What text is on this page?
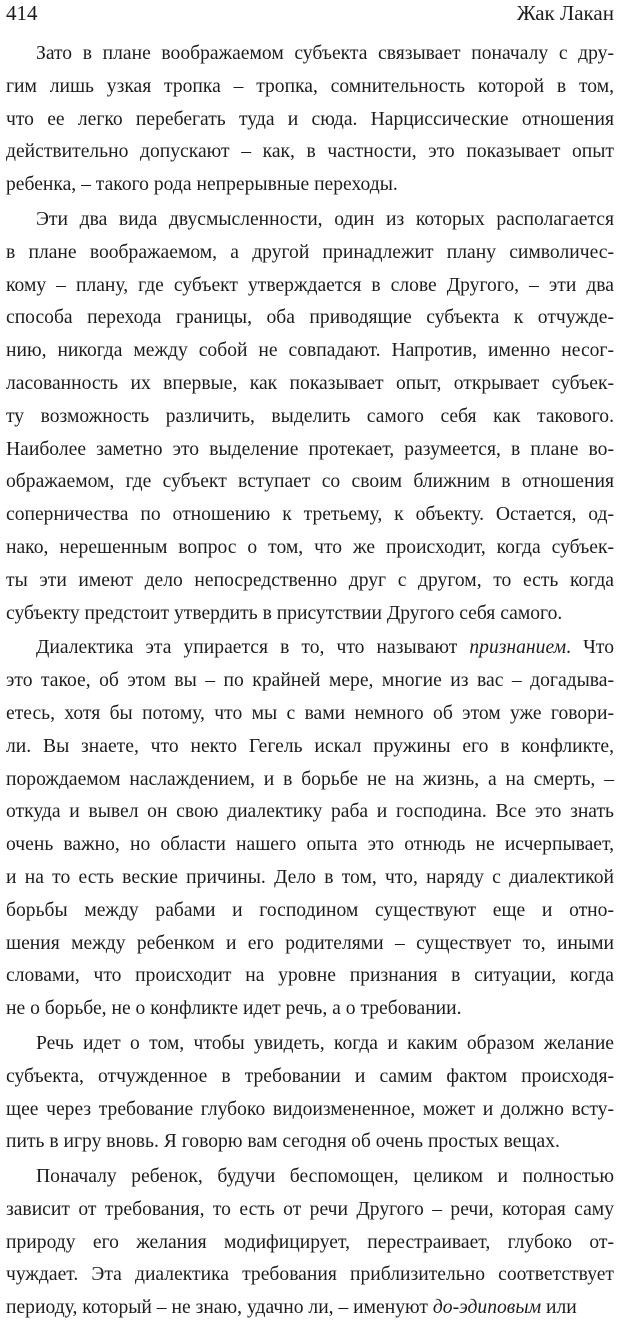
414	Жак Лакан
Зато в плане воображаемом субъекта связывает поначалу с дру-
гим лишь узкая тропка – тропка, сомнительность которой в том,
что ее легко перебегать туда и сюда. Нарциссические отношения
действительно допускают – как, в частности, это показывает опыт
ребенка, – такого рода непрерывные переходы.
Эти два вида двусмысленности, один из которых располагается
в плане воображаемом, а другой принадлежит плану символичес-
кому – плану, где субъект утверждается в слове Другого, – эти два
способа перехода границы, оба приводящие субъекта к отчужде-
нию, никогда между собой не совпадают. Напротив, именно несог-
ласованность их впервые, как показывает опыт, открывает субъек-
ту возможность различить, выделить самого себя как такового.
Наиболее заметно это выделение протекает, разумеется, в плане во-
ображаемом, где субъект вступает со своим ближним в отношения
соперничества по отношению к третьему, к объекту. Остается, од-
нако, нерешенным вопрос о том, что же происходит, когда субъек-
ты эти имеют дело непосредственно друг с другом, то есть когда
субъекту предстоит утвердить в присутствии Другого себя самого.
Диалектика эта упирается в то, что называют признанием. Что
это такое, об этом вы – по крайней мере, многие из вас – догадыва-
етесь, хотя бы потому, что мы с вами немного об этом уже говори-
ли. Вы знаете, что некто Гегель искал пружины его в конфликте,
порождаемом наслаждением, и в борьбе не на жизнь, а на смерть, –
откуда и вывел он свою диалектику раба и господина. Все это знать
очень важно, но области нашего опыта это отнюдь не исчерпывает,
и на то есть веские причины. Дело в том, что, наряду с диалектикой
борьбы между рабами и господином существуют еще и отно-
шения между ребенком и его родителями – существует то, иными
словами, что происходит на уровне признания в ситуации, когда
не о борьбе, не о конфликте идет речь, а о требовании.
Речь идет о том, чтобы увидеть, когда и каким образом желание
субъекта, отчужденное в требовании и самим фактом происходя-
щее через требование глубоко видоизмененное, может и должно всту-
пить в игру вновь. Я говорю вам сегодня об очень простых вещах.
Поначалу ребенок, будучи беспомощен, целиком и полностью
зависит от требования, то есть от речи Другого – речи, которая саму
природу его желания модифицирует, перестраивает, глубоко от-
чуждает. Эта диалектика требования приблизительно соответствует
периоду, который – не знаю, удачно ли, – именуют до-эдиповым или
